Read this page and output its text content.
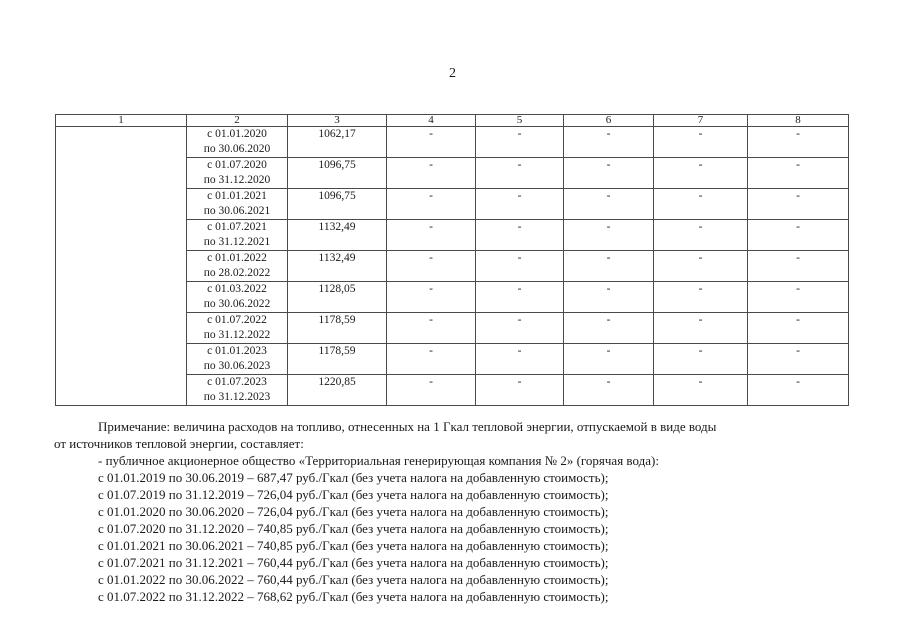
2
1	2	3	4	5	6	7	8

	с 01.01.2020
по 30.06.2020	1062,17	-	-	-	-	-

	с 01.07.2020
по 31.12.2020	1096,75	-	-	-	-	-

	с 01.01.2021
по 30.06.2021	1096,75	-	-	-	-	-

	с 01.07.2021
по 31.12.2021	1132,49	-	-	-	-	-

	с 01.01.2022
по 28.02.2022	1132,49	-	-	-	-	-

	с 01.03.2022
по 30.06.2022	1128,05	-	-	-	-	-

	с 01.07.2022
по 31.12.2022	1178,59	-	-	-	-	-

	с 01.01.2023
по 30.06.2023	1178,59	-	-	-	-	-

	с 01.07.2023
по 31.12.2023	1220,85	-	-	-	-	-

Примечание: величина расходов на топливо, отнесенных на 1 Гкал тепловой энергии, отпускаемой в виде воды

от источников тепловой энергии, составляет:

- публичное акционерное общество «Территориальная генерирующая компания № 2» (горячая вода):

с 01.01.2019 по 30.06.2019 – 687,47 руб./Гкал (без учета налога на добавленную стоимость);

с 01.07.2019 по 31.12.2019 – 726,04 руб./Гкал (без учета налога на добавленную стоимость);

с 01.01.2020 по 30.06.2020 – 726,04 руб./Гкал (без учета налога на добавленную стоимость);

с 01.07.2020 по 31.12.2020 – 740,85 руб./Гкал (без учета налога на добавленную стоимость);

с 01.01.2021 по 30.06.2021 – 740,85 руб./Гкал (без учета налога на добавленную стоимость);

с 01.07.2021 по 31.12.2021 – 760,44 руб./Гкал (без учета налога на добавленную стоимость);

с 01.01.2022 по 30.06.2022 – 760,44 руб./Гкал (без учета налога на добавленную стоимость);

с 01.07.2022 по 31.12.2022 – 768,62 руб./Гкал (без учета налога на добавленную стоимость);
